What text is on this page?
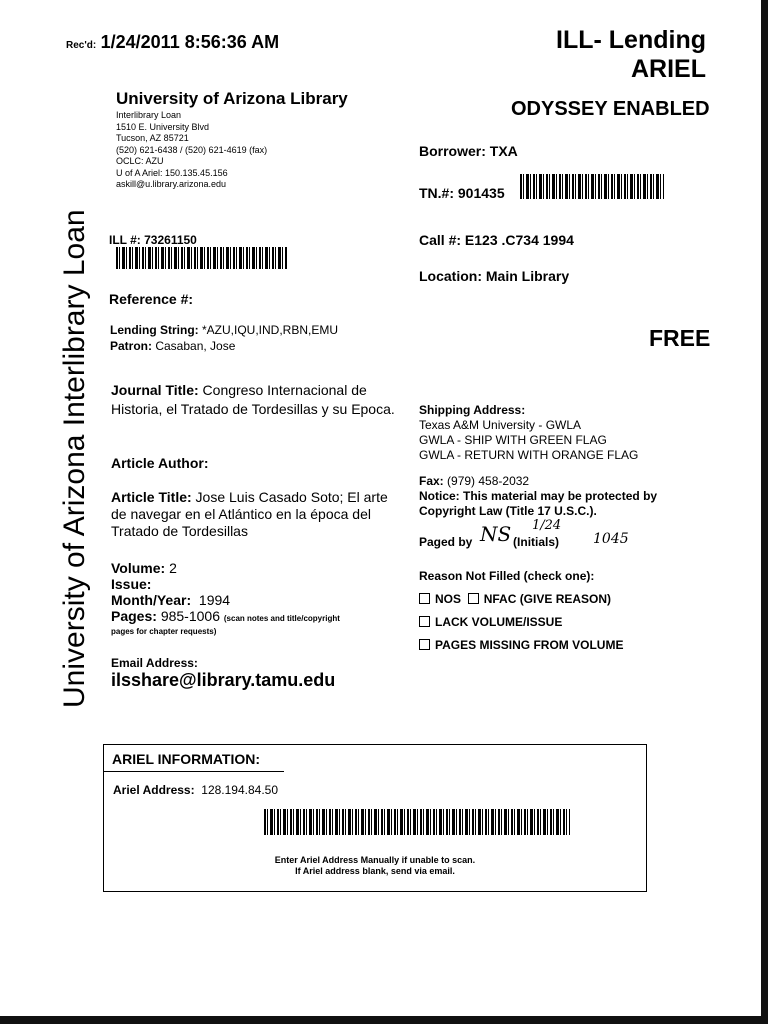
University of Arizona Interlibrary Loan
Rec'd: 1/24/2011 8:56:36 AM	ILL- Lending
ARIEL
ODYSSEY ENABLED
University of Arizona Library
Interlibrary Loan
1510 E. University Blvd
Tucson, AZ 85721
(520) 621-6438 / (520) 621-4619 (fax)
OCLC: AZU
U of A Ariel: 150.135.45.156
askill@u.library.arizona.edu
Borrower: TXA
TN.#: 901435
ILL #: 73261150	Call #: E123 .C734 1994
Location: Main Library
Reference #:
Lending String: *AZU,IQU,IND,RBN,EMU
Patron: Casaban, Jose	FREE
Journal Title: Congreso Internacional de Historia, el Tratado de Tordesillas y su Epoca.
Article Author:
Article Title: Jose Luis Casado Soto; El arte de navegar en el Atlántico en la época del Tratado de Tordesillas
Volume: 2
Issue:
Month/Year: 1994
Pages: 985-1006 (scan notes and title/copyright
pages for chapter requests)
Email Address:
ilsshare@library.tamu.edu
Shipping Address:
Texas A&M University - GWLA
GWLA - SHIP WITH GREEN FLAG
GWLA - RETURN WITH ORANGE FLAG
Fax: (979) 458-2032
Notice: This material may be protected by
Copyright Law (Title 17 U.S.C.).
Paged by	(Initials)
NS 1/24
1045
Reason Not Filled (check one):
NOS NFAC (GIVE REASON)
LACK VOLUME/ISSUE
PAGES MISSING FROM VOLUME
ARIEL INFORMATION:
Ariel Address: 128.194.84.50
Enter Ariel Address Manually if unable to scan.
If Ariel address blank, send via email.
